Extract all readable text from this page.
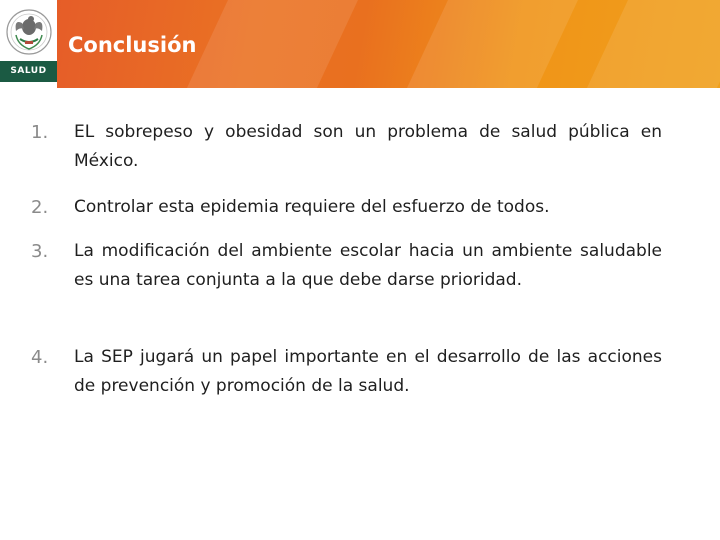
SALUD
Conclusión
1.	EL sobrepeso y obesidad son un problema de salud pública en México.
2.	Controlar esta epidemia requiere del esfuerzo de todos.
3.	La modificación del ambiente escolar hacia un ambiente saludable es una tarea conjunta a la que debe darse prioridad.
4.	La SEP jugará un papel importante en el desarrollo de las acciones de prevención y promoción de la salud.
